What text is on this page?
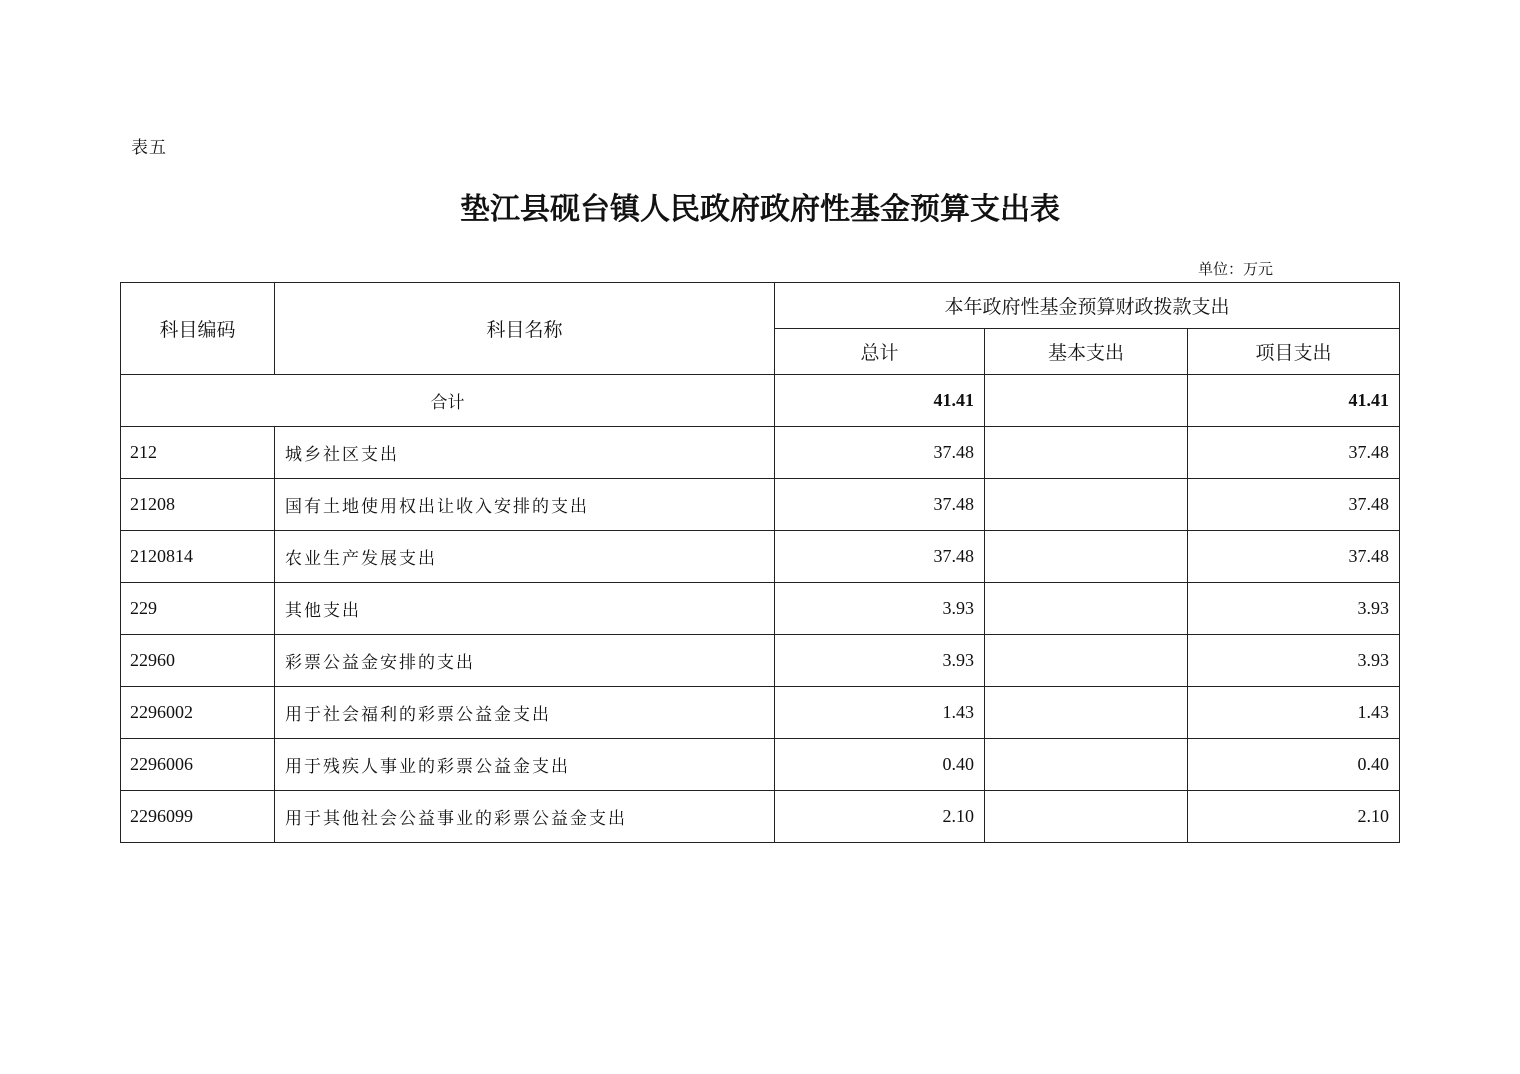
表五
垫江县砚台镇人民政府政府性基金预算支出表
单位：万元
科目编码	科目名称	本年政府性基金预算财政拨款支出		
		总计	基本支出	项目支出
合计		41.41		41.41
212	城乡社区支出	37.48		37.48
21208	国有土地使用权出让收入安排的支出	37.48		37.48
2120814	农业生产发展支出	37.48		37.48
229	其他支出	3.93		3.93
22960	彩票公益金安排的支出	3.93		3.93
2296002	用于社会福利的彩票公益金支出	1.43		1.43
2296006	用于残疾人事业的彩票公益金支出	0.40		0.40
2296099	用于其他社会公益事业的彩票公益金支出	2.10		2.10
